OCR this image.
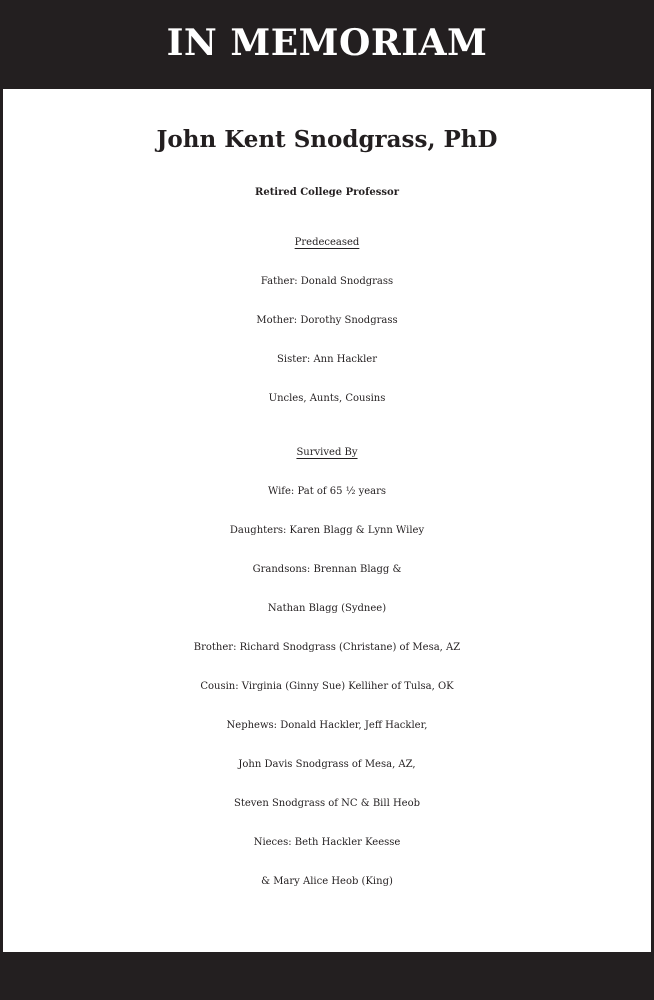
IN MEMORIAM
John Kent Snodgrass, PhD
Retired College Professor
Predeceased
Father: Donald Snodgrass
Mother: Dorothy Snodgrass
Sister: Ann Hackler
Uncles, Aunts, Cousins
Survived By
Wife: Pat of 65 ½ years
Daughters: Karen Blagg & Lynn Wiley
Grandsons: Brennan Blagg &
Nathan Blagg (Sydnee)
Brother: Richard Snodgrass (Christane) of Mesa, AZ
Cousin: Virginia (Ginny Sue) Kelliher of Tulsa, OK
Nephews: Donald Hackler, Jeff Hackler,
John Davis Snodgrass of Mesa, AZ,
Steven Snodgrass of NC & Bill Heob
Nieces: Beth Hackler Keesse
& Mary Alice Heob (King)
